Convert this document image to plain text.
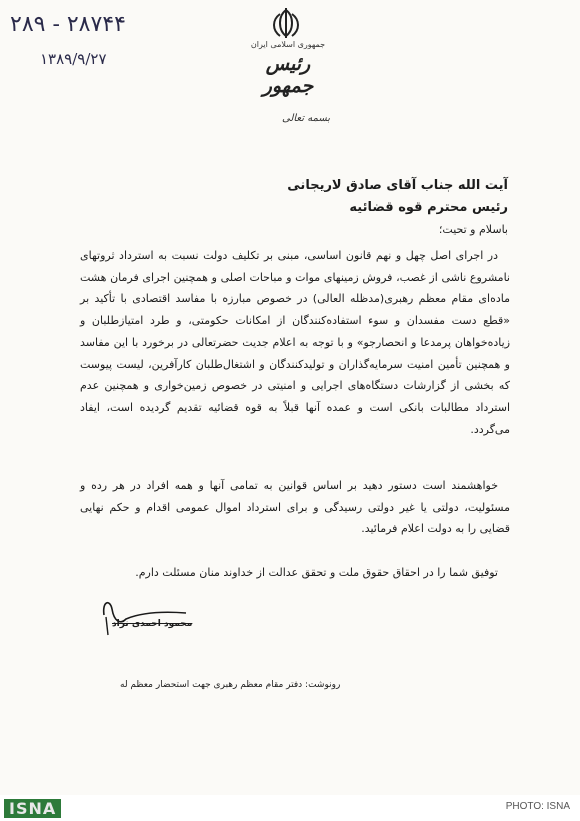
۲۸۹ - ۲۸۷۴۴
۱۳۸۹/۹/۲۷
جمهوری اسلامی ایران
رئیس جمهور
بسمه تعالی
آیت الله جناب آقای صادق لاریجانی
رئیس محترم قوه قضائیه
باسلام و تحیت؛
در اجرای اصل چهل و نهم قانون اساسی، مبنی بر تکلیف دولت نسبت به استرداد ثروتهای نامشروع ناشی از غصب، فروش زمینهای موات و مباحات اصلی و همچنین اجرای فرمان هشت ماده‌ای مقام معظم رهبری(مدظله العالی) در خصوص مبارزه با مفاسد اقتصادی با تأکید بر «قطع دست مفسدان و سوء استفاده‌کنندگان از امکانات حکومتی، و طرد امتیازطلبان و زیاده‌خواهان پرمدعا و انحصارجو» و با توجه به اعلام جدیت حضرتعالی در برخورد با این مفاسد و همچنین تأمین امنیت سرمایه‌گذاران و تولیدکنندگان و اشتغال‌طلبان کارآفرین، لیست پیوست که بخشی از گزارشات دستگاه‌های اجرایی و امنیتی در خصوص زمین‌خواری و همچنین عدم استرداد مطالبات بانکی است و عمده آنها قبلاً به قوه قضائیه تقدیم گردیده است، ایفاد می‌گردد.
خواهشمند است دستور دهید بر اساس قوانین به تمامی آنها و همه افراد در هر رده و مسئولیت، دولتی یا غیر دولتی رسیدگی و برای استرداد اموال عمومی اقدام و حکم نهایی قضایی را به دولت اعلام فرمائید.
توفیق شما را در احقاق حقوق ملت و تحقق عدالت از خداوند منان مسئلت دارم.
محمود احمدی نژاد
رونوشت: دفتر مقام معظم رهبری جهت استحضار معظم له
ISNA	PHOTO: ISNA
